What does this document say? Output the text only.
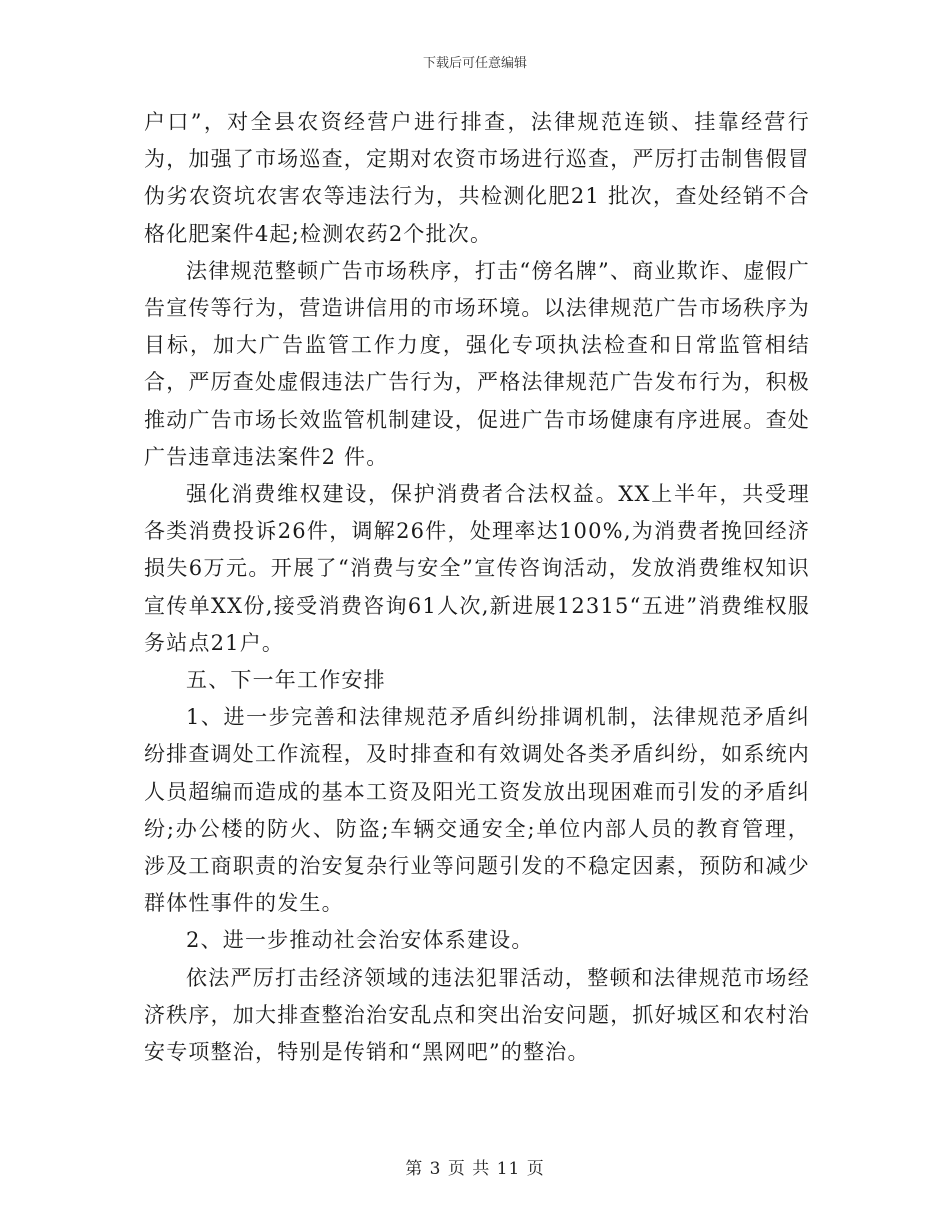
下载后可任意编辑

户口”，对全县农资经营户进行排查，法律规范连锁、挂靠经营行为，加强了市场巡查，定期对农资市场进行巡查，严厉打击制售假冒伪劣农资坑农害农等违法行为，共检测化肥21 批次，查处经销不合格化肥案件4起;检测农药2个批次。

法律规范整顿广告市场秩序，打击“傍名牌”、商业欺诈、虚假广告宣传等行为，营造讲信用的市场环境。以法律规范广告市场秩序为目标，加大广告监管工作力度，强化专项执法检查和日常监管相结合，严厉查处虚假违法广告行为，严格法律规范广告发布行为，积极推动广告市场长效监管机制建设，促进广告市场健康有序进展。查处广告违章违法案件2 件。

强化消费维权建设，保护消费者合法权益。XX上半年，共受理各类消费投诉26件，调解26件，处理率达100%,为消费者挽回经济损失6万元。开展了“消费与安全”宣传咨询活动，发放消费维权知识宣传单XX份,接受消费咨询61人次,新进展12315“五进”消费维权服务站点21户。

五、下一年工作安排

1、进一步完善和法律规范矛盾纠纷排调机制，法律规范矛盾纠纷排查调处工作流程，及时排查和有效调处各类矛盾纠纷，如系统内人员超编而造成的基本工资及阳光工资发放出现困难而引发的矛盾纠纷;办公楼的防火、防盗;车辆交通安全;单位内部人员的教育管理，涉及工商职责的治安复杂行业等问题引发的不稳定因素，预防和减少群体性事件的发生。

2、进一步推动社会治安体系建设。

依法严厉打击经济领域的违法犯罪活动，整顿和法律规范市场经济秩序，加大排查整治治安乱点和突出治安问题，抓好城区和农村治安专项整治，特别是传销和“黑网吧”的整治。

第 3 页 共 11 页
